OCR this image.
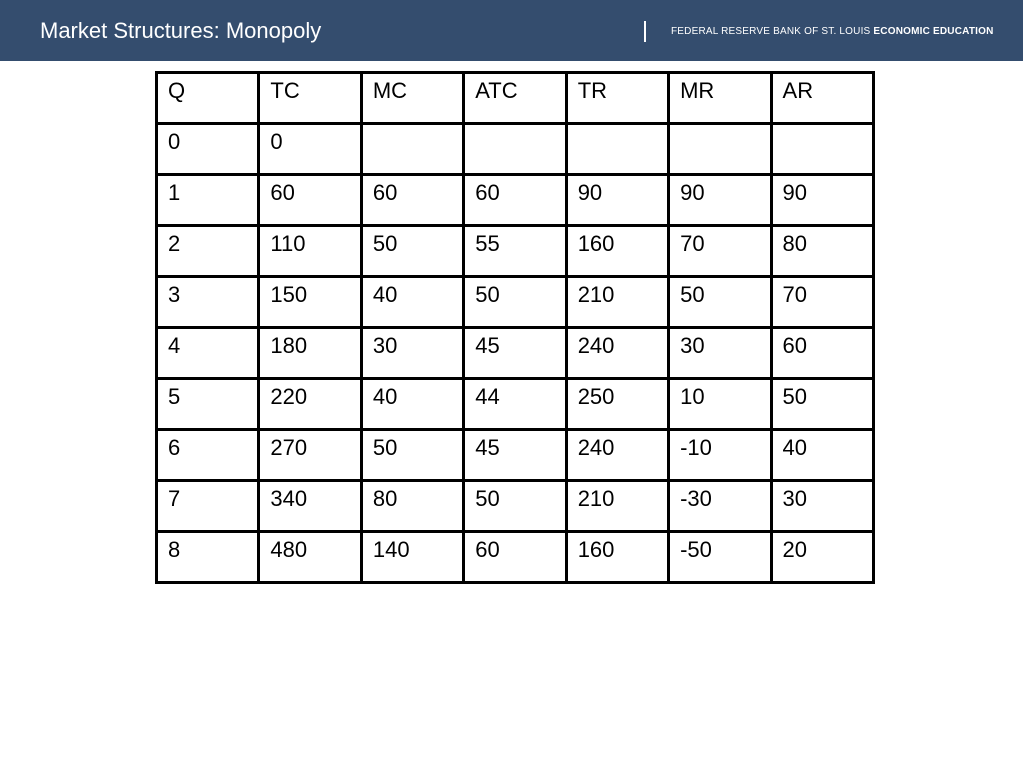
Market Structures: Monopoly	FEDERAL RESERVE BANK OF ST. LOUIS ECONOMIC EDUCATION
Q	TC	MC	ATC	TR	MR	AR
0	0					
1	60	60	60	90	90	90
2	110	50	55	160	70	80
3	150	40	50	210	50	70
4	180	30	45	240	30	60
5	220	40	44	250	10	50
6	270	50	45	240	-10	40
7	340	80	50	210	-30	30
8	480	140	60	160	-50	20
